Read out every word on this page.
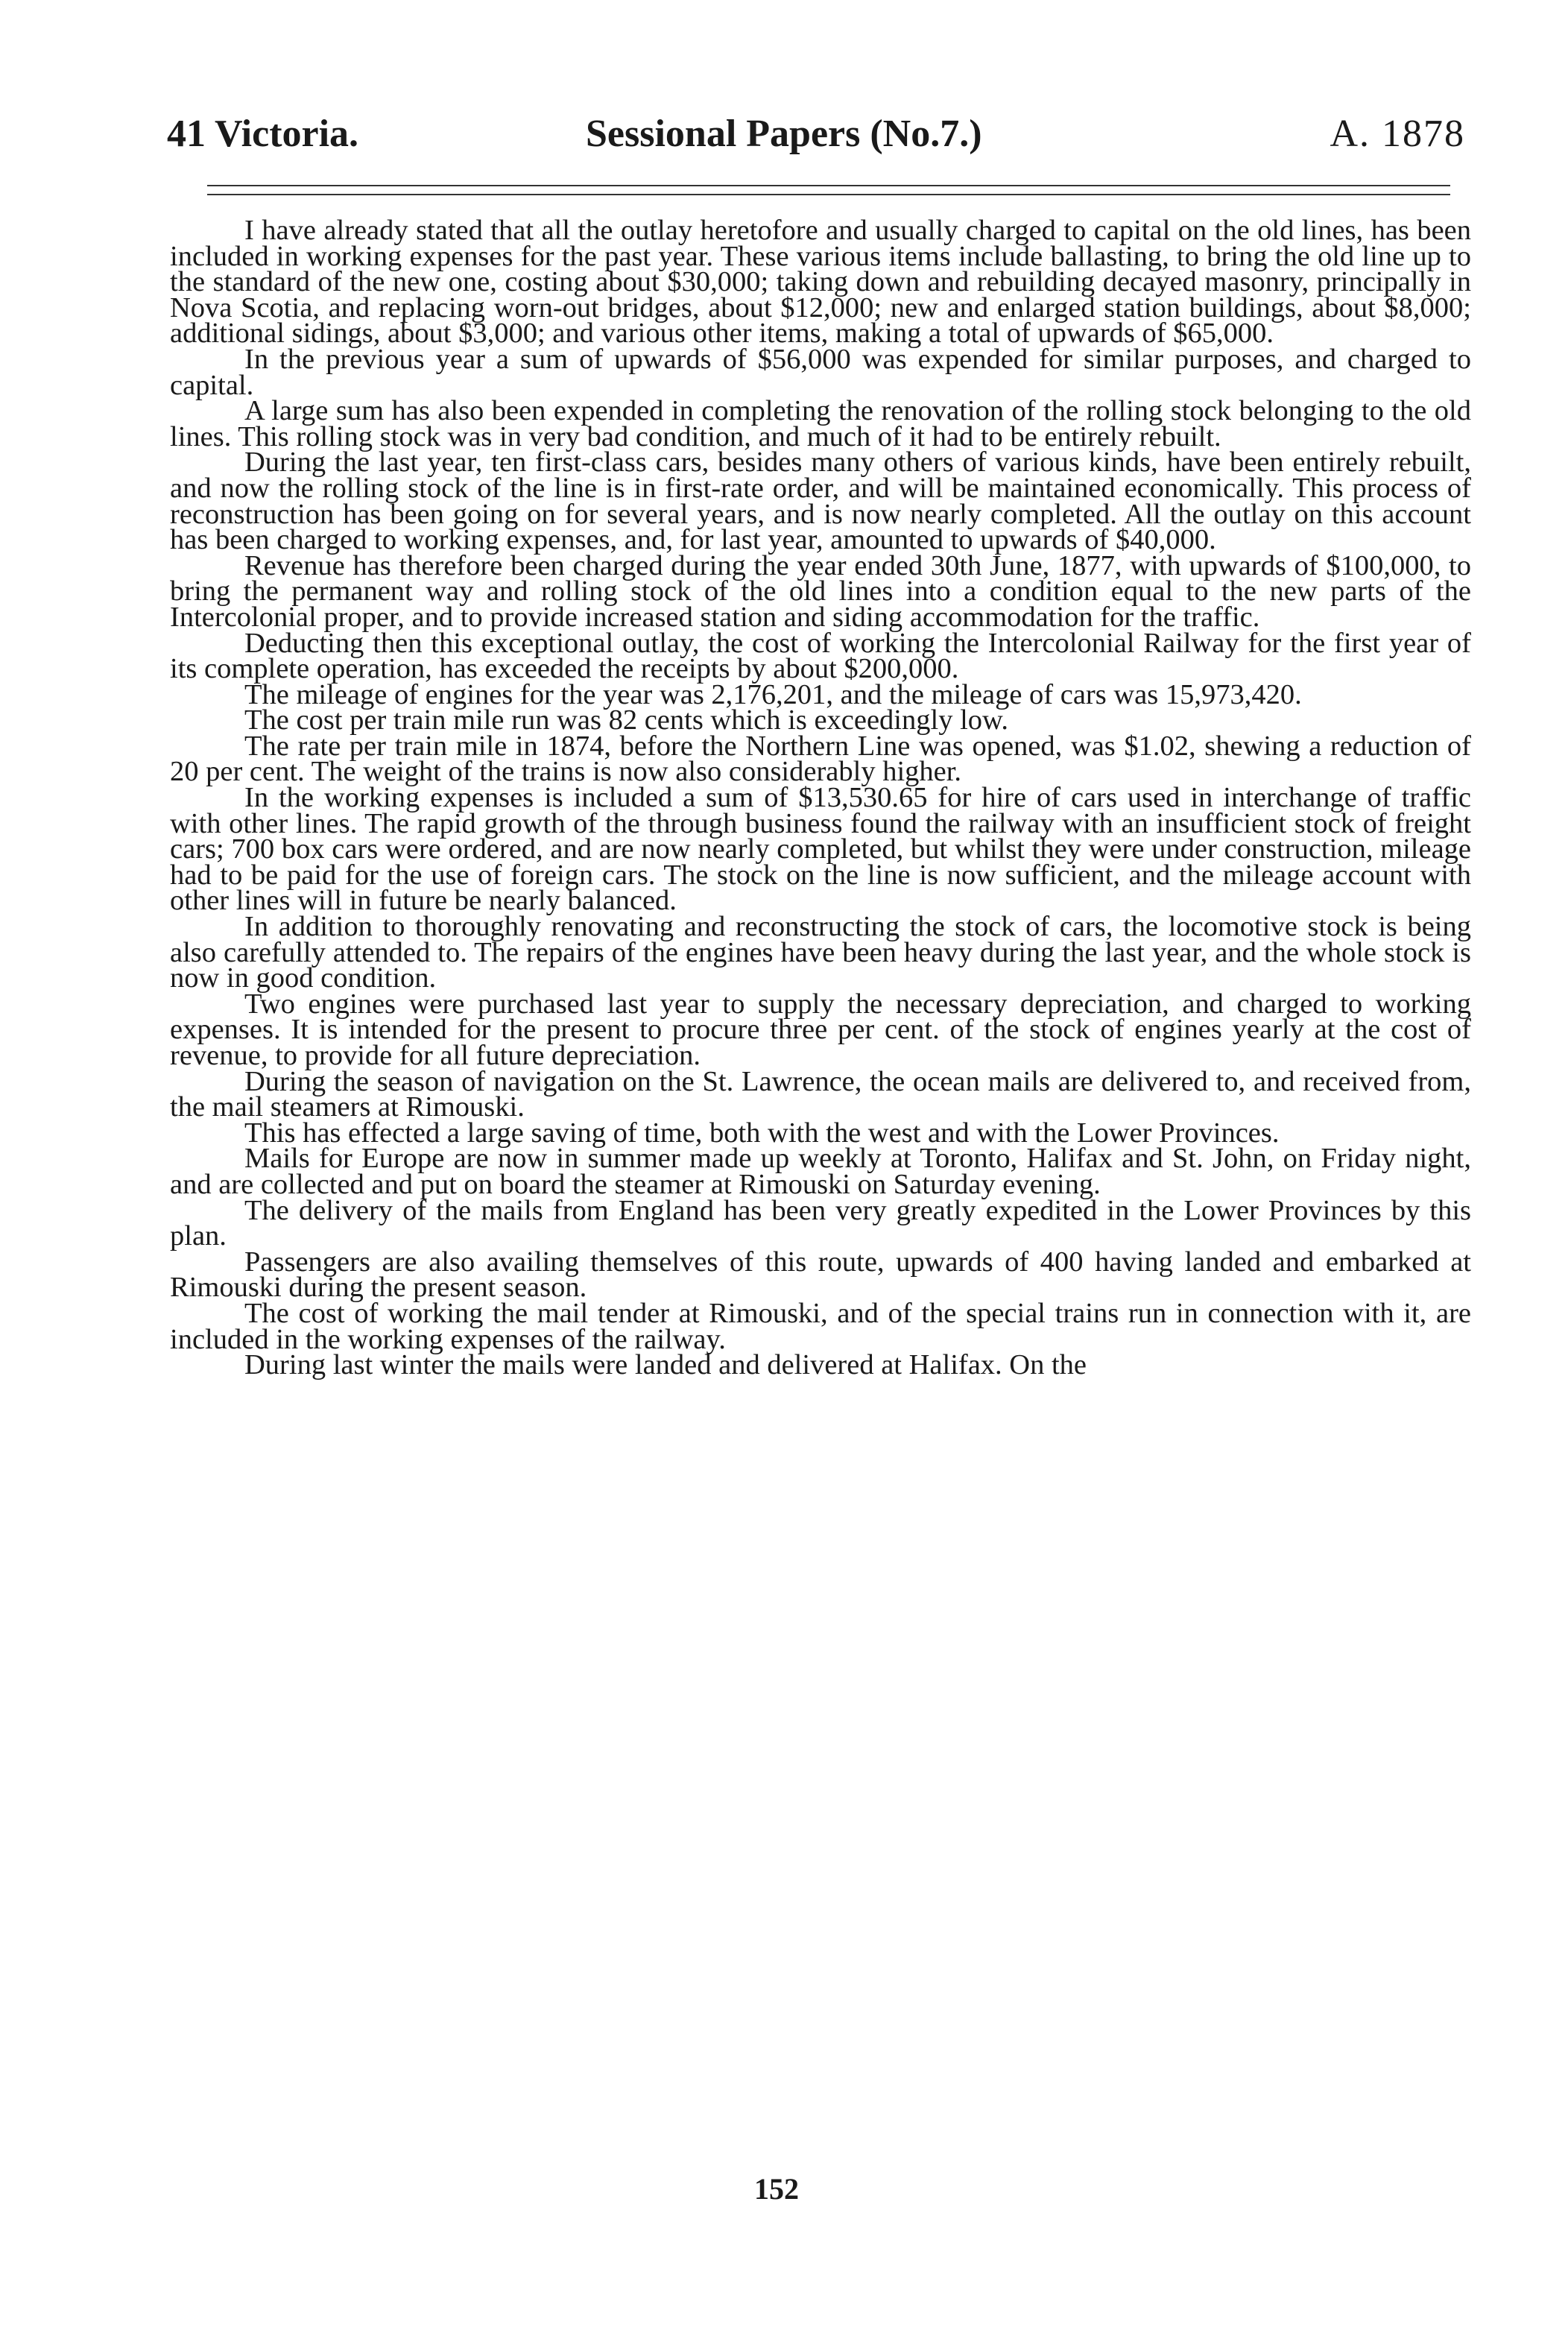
41 Victoria.	Sessional Papers (No.7.)	A. 1878

I have already stated that all the outlay heretofore and usually charged to capital on the old lines, has been included in working expenses for the past year. These various items include ballasting, to bring the old line up to the standard of the new one, costing about $30,000; taking down and rebuilding decayed masonry, principally in Nova Scotia, and replacing worn-out bridges, about $12,000; new and enlarged station buildings, about $8,000; additional sidings, about $3,000; and various other items, making a total of upwards of $65,000.

In the previous year a sum of upwards of $56,000 was expended for similar purposes, and charged to capital.

A large sum has also been expended in completing the renovation of the rolling stock belonging to the old lines. This rolling stock was in very bad condition, and much of it had to be entirely rebuilt.

During the last year, ten first-class cars, besides many others of various kinds, have been entirely rebuilt, and now the rolling stock of the line is in first-rate order, and will be maintained economically. This process of reconstruction has been going on for several years, and is now nearly completed. All the outlay on this account has been charged to working expenses, and, for last year, amounted to upwards of $40,000.

Revenue has therefore been charged during the year ended 30th June, 1877, with upwards of $100,000, to bring the permanent way and rolling stock of the old lines into a condition equal to the new parts of the Intercolonial proper, and to provide increased station and siding accommodation for the traffic.

Deducting then this exceptional outlay, the cost of working the Intercolonial Railway for the first year of its complete operation, has exceeded the receipts by about $200,000.

The mileage of engines for the year was 2,176,201, and the mileage of cars was 15,973,420.

The cost per train mile run was 82 cents which is exceedingly low.

The rate per train mile in 1874, before the Northern Line was opened, was $1.02, shewing a reduction of 20 per cent. The weight of the trains is now also considerably higher.

In the working expenses is included a sum of $13,530.65 for hire of cars used in interchange of traffic with other lines. The rapid growth of the through business found the railway with an insufficient stock of freight cars; 700 box cars were ordered, and are now nearly completed, but whilst they were under construction, mileage had to be paid for the use of foreign cars. The stock on the line is now sufficient, and the mileage account with other lines will in future be nearly balanced.

In addition to thoroughly renovating and reconstructing the stock of cars, the locomotive stock is being also carefully attended to. The repairs of the engines have been heavy during the last year, and the whole stock is now in good condition.

Two engines were purchased last year to supply the necessary depreciation, and charged to working expenses. It is intended for the present to procure three per cent. of the stock of engines yearly at the cost of revenue, to provide for all future depreciation.

During the season of navigation on the St. Lawrence, the ocean mails are delivered to, and received from, the mail steamers at Rimouski.

This has effected a large saving of time, both with the west and with the Lower Provinces.

Mails for Europe are now in summer made up weekly at Toronto, Halifax and St. John, on Friday night, and are collected and put on board the steamer at Rimouski on Saturday evening.

The delivery of the mails from England has been very greatly expedited in the Lower Provinces by this plan.

Passengers are also availing themselves of this route, upwards of 400 having landed and embarked at Rimouski during the present season.

The cost of working the mail tender at Rimouski, and of the special trains run in connection with it, are included in the working expenses of the railway.

During last winter the mails were landed and delivered at Halifax. On the

152
